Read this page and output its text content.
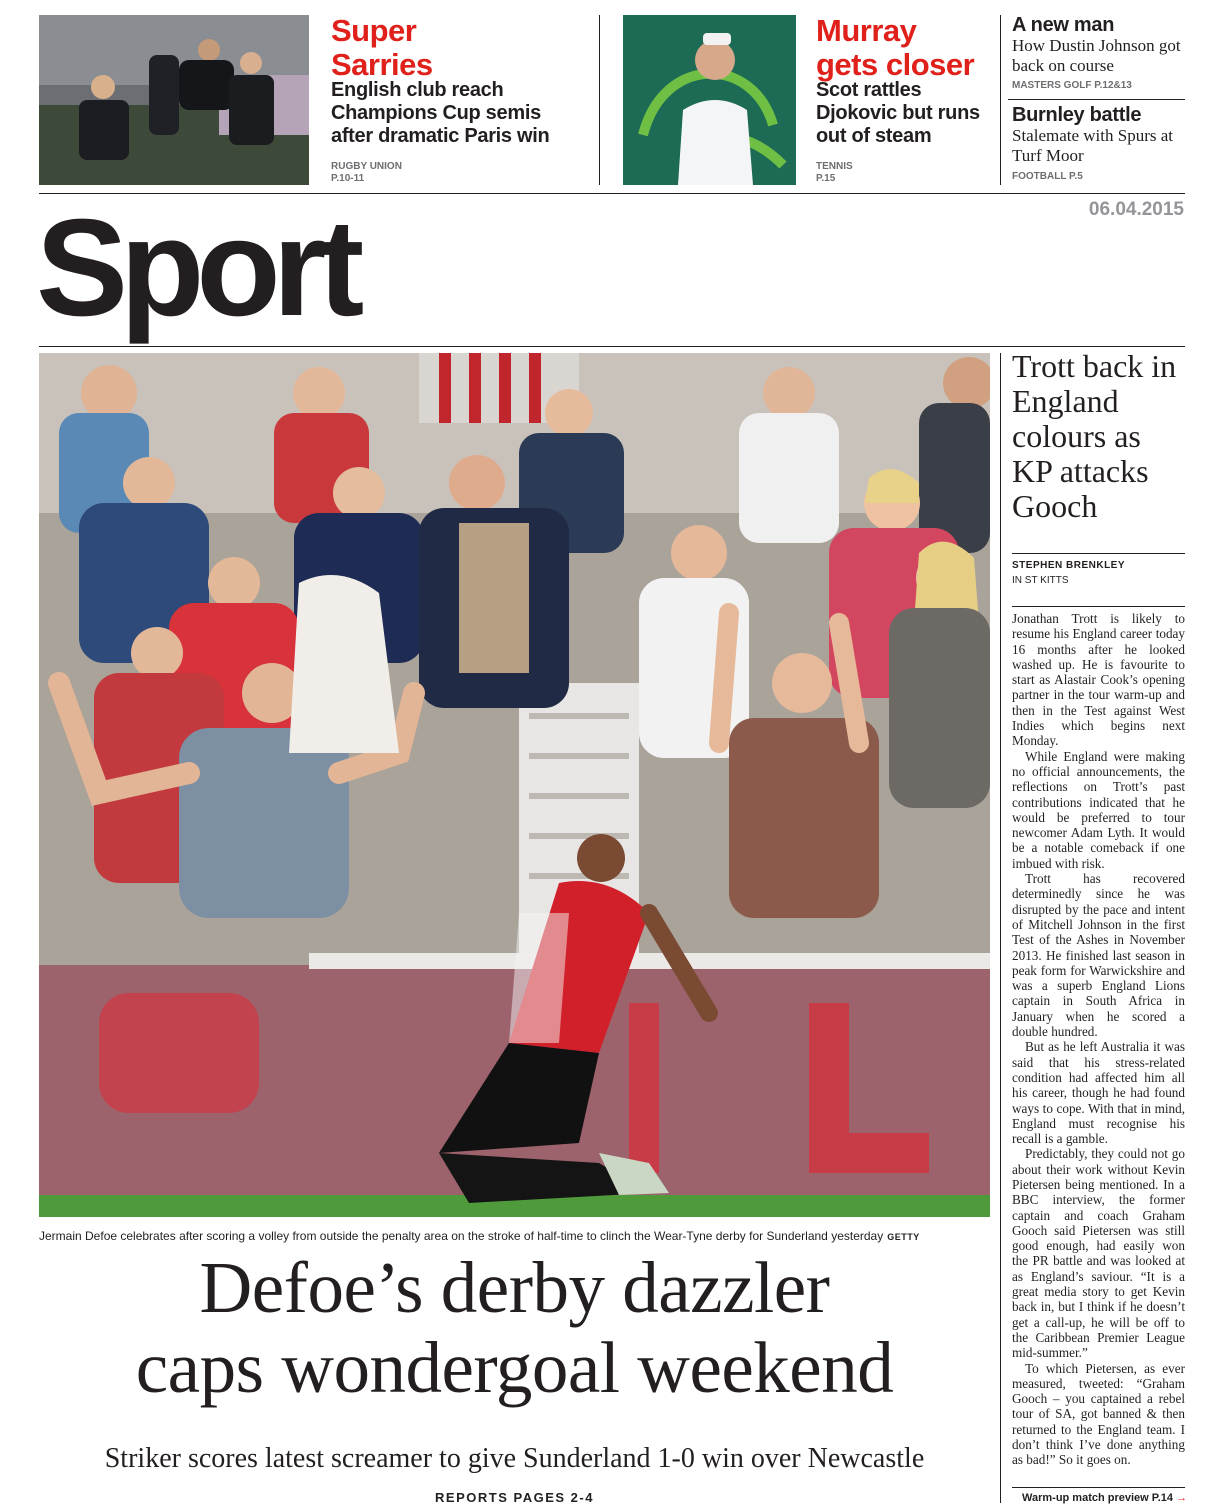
Super
Sarries
English club reach Champions Cup semis after dramatic Paris win
RUGBY UNION
P.10-11
Murray
gets closer
Scot rattles Djokovic but runs out of steam
TENNIS
P.15
A new man
How Dustin Johnson got back on course
MASTERS GOLF P.12&13
Burnley battle
Stalemate with Spurs at Turf Moor
FOOTBALL P.5
Sport	06.04.2015
Jermain Defoe celebrates after scoring a volley from outside the penalty area on the stroke of half-time to clinch the Wear-Tyne derby for Sunderland yesterday GETTY
Defoe’s derby dazzler
caps wondergoal weekend
Striker scores latest screamer to give Sunderland 1-0 win over Newcastle
REPORTS PAGES 2-4
Trott back in England colours as KP attacks Gooch
STEPHEN BRENKLEY
IN ST KITTS

Jonathan Trott is likely to resume his England career today 16 months after he looked washed up. He is favourite to start as Alastair Cook’s opening partner in the tour warm-up and then in the Test against West Indies which begins next Monday.

While England were making no official announcements, the reflections on Trott’s past contributions indicated that he would be preferred to tour newcomer Adam Lyth. It would be a notable comeback if one imbued with risk.

Trott has recovered determinedly since he was disrupted by the pace and intent of Mitchell Johnson in the first Test of the Ashes in November 2013. He finished last season in peak form for Warwickshire and was a superb England Lions captain in South Africa in January when he scored a double hundred.

But as he left Australia it was said that his stress-related condition had affected him all his career, though he had found ways to cope. With that in mind, England must recognise his recall is a gamble.

Predictably, they could not go about their work without Kevin Pietersen being mentioned. In a BBC interview, the former captain and coach Graham Gooch said Pietersen was still good enough, had easily won the PR battle and was looked at as England’s saviour. “It is a great media story to get Kevin back in, but I think if he doesn’t get a call-up, he will be off to the Caribbean Premier League mid-summer.”

To which Pietersen, as ever measured, tweeted: “Graham Gooch – you captained a rebel tour of SA, got banned & then returned to the England team. I don’t think I’ve done anything as bad!” So it goes on.

Warm-up match preview P.14 →
